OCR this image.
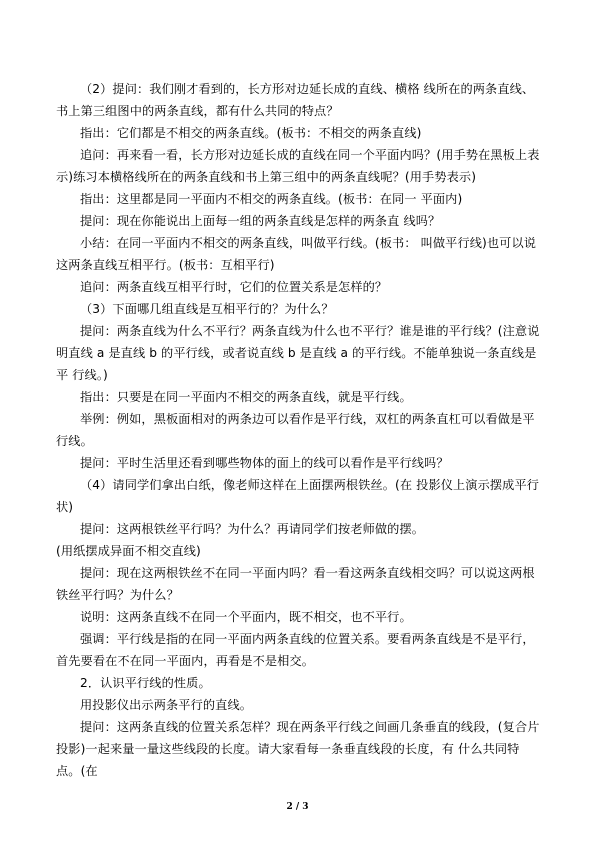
（2）提问：我们刚才看到的，长方形对边延长成的直线、横格 线所在的两条直线、书上第三组图中的两条直线，都有什么共同的特点？

指出：它们都是不相交的两条直线。(板书：不相交的两条直线)

追问：再来看一看，长方形对边延长成的直线在同一个平面内吗？(用手势在黑板上表示)练习本横格线所在的两条直线和书上第三组中的两条直线呢？(用手势表示)

指出：这里都是同一平面内不相交的两条直线。(板书：在同一 平面内)

提问：现在你能说出上面每一组的两条直线是怎样的两条直 线吗？

小结：在同一平面内不相交的两条直线，叫做平行线。(板书： 叫做平行线)也可以说这两条直线互相平行。(板书：互相平行)

追问：两条直线互相平行时，它们的位置关系是怎样的？

（3）下面哪几组直线是互相平行的？为什么？

提问：两条直线为什么不平行？两条直线为什么也不平行？谁是谁的平行线？(注意说明直线 a 是直线 b 的平行线，或者说直线 b 是直线 a 的平行线。不能单独说一条直线是平 行线。)

指出：只要是在同一平面内不相交的两条直线，就是平行线。

举例：例如，黑板面相对的两条边可以看作是平行线，双杠的两条直杠可以看做是平行线。

提问：平时生活里还看到哪些物体的面上的线可以看作是平行线吗？

（4）请同学们拿出白纸，像老师这样在上面摆两根铁丝。(在 投影仪上演示摆成平行状)

提问：这两根铁丝平行吗？为什么？再请同学们按老师做的摆。

(用纸摆成异面不相交直线)

提问：现在这两根铁丝不在同一平面内吗？看一看这两条直线相交吗？可以说这两根铁丝平行吗？为什么？

说明：这两条直线不在同一个平面内，既不相交，也不平行。

强调：平行线是指的在同一平面内两条直线的位置关系。要看两条直线是不是平行，首先要看在不在同一平面内，再看是不是相交。

2．认识平行线的性质。

用投影仪出示两条平行的直线。

提问：这两条直线的位置关系怎样？现在两条平行线之间画几条垂直的线段，(复合片投影)一起来量一量这些线段的长度。请大家看每一条垂直线段的长度，有 什么共同特点。(在

2 / 3
